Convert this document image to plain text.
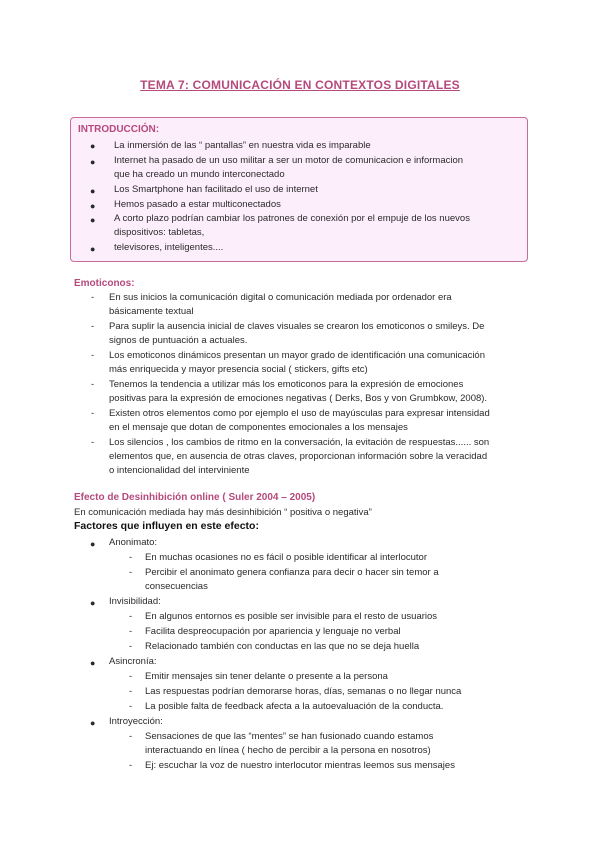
TEMA 7: COMUNICACIÓN EN CONTEXTOS DIGITALES
INTRODUCCIÓN:
● La inmersión de las “ pantallas” en nuestra vida es imparable
● Internet ha pasado de un uso militar a ser un motor de comunicacion e informacion
que ha creado un mundo interconectado
● Los Smartphone han facilitado el uso de internet
● Hemos pasado a estar multiconectados
● A corto plazo podrían cambiar los patrones de conexión por el empuje de los nuevos
dispositivos: tabletas,
● televisores, inteligentes....
Emoticonos:
- En sus inicios la comunicación digital o comunicación mediada por ordenador era
básicamente textual
- Para suplir la ausencia inicial de claves visuales se crearon los emoticonos o smileys. De
signos de puntuación a actuales.
- Los emoticonos dinámicos presentan un mayor grado de identificación una comunicación
más enriquecida y mayor presencia social ( stickers, gifts etc)
- Tenemos la tendencia a utilizar más los emoticonos para la expresión de emociones
positivas para la expresión de emociones negativas ( Derks, Bos y von Grumbkow, 2008).
- Existen otros elementos como por ejemplo el uso de mayúsculas para expresar intensidad
en el mensaje que dotan de componentes emocionales a los mensajes
- Los silencios , los cambios de ritmo en la conversación, la evitación de respuestas...... son
elementos que, en ausencia de otras claves, proporcionan información sobre la veracidad
o intencionalidad del interviniente
Efecto de Desinhibición online ( Suler 2004 – 2005)
En comunicación mediada hay más desinhibición “ positiva o negativa”
Factores que influyen en este efecto:
● Anonimato:
- En muchas ocasiones no es fácil o posible identificar al interlocutor
- Percibir el anonimato genera confianza para decir o hacer sin temor a
consecuencias
● Invisibilidad:
- En algunos entornos es posible ser invisible para el resto de usuarios
- Facilita despreocupación por apariencia y lenguaje no verbal
- Relacionado también con conductas en las que no se deja huella
● Asincronía:
- Emitir mensajes sin tener delante o presente a la persona
- Las respuestas podrían demorarse horas, días, semanas o no llegar nunca
- La posible falta de feedback afecta a la autoevaluación de la conducta.
● Introyección:
- Sensaciones de que las “mentes” se han fusionado cuando estamos
interactuando en línea ( hecho de percibir a la persona en nosotros)
- Ej: escuchar la voz de nuestro interlocutor mientras leemos sus mensajes
